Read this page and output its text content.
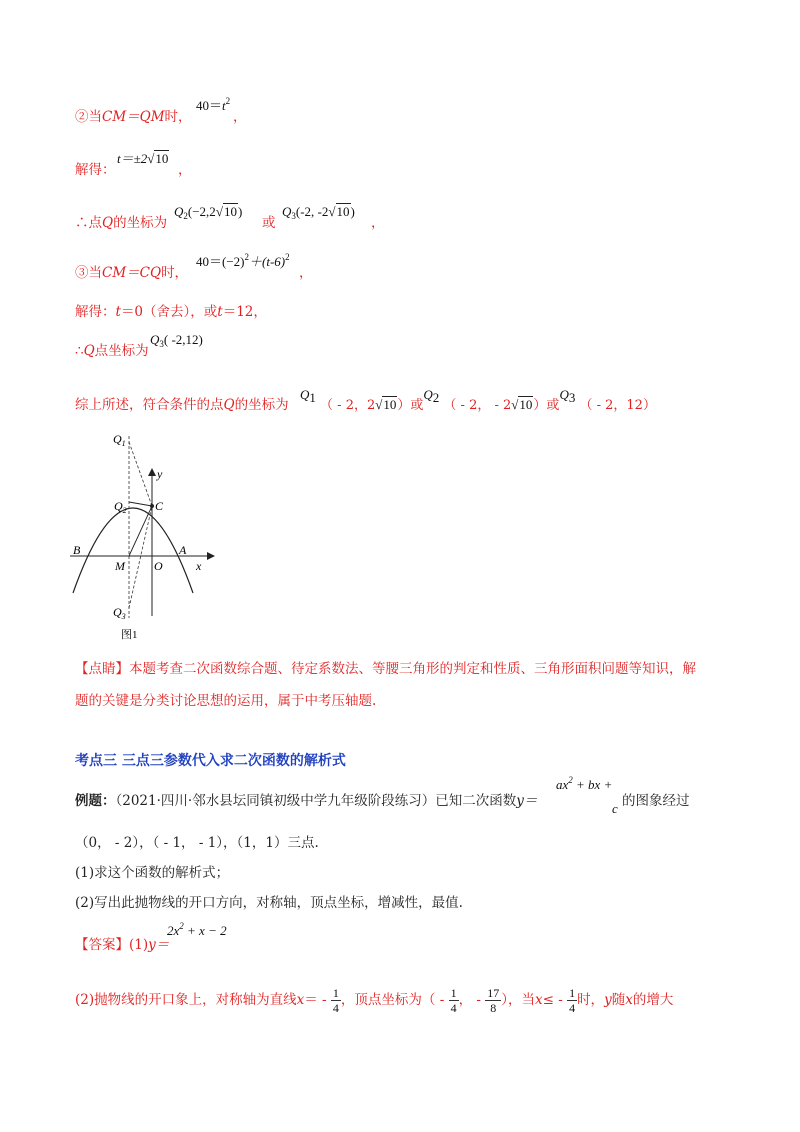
②当CM＝QM时，
$40=t^2$
，
解得：
t＝±2√10
，
∴点Q的坐标为
$Q_2(-2,2√10)$
或
$Q_3(-2$, -2√10)
，
③当CM＝CQ时，
$40=(-2)^2+(t-6)^2$
，
解得：t＝0（舍去），或t＝12，
∴Q点坐标为
$Q_3$( -2,12)
综上所述，符合条件的点Q的坐标为
$Q_1$ （ - 2，2√10）或$Q_2$ （ - 2， - 2√10）或$Q_3$ （ - 2，12）
$Q_1$
$Q_2$
$Q_3$
C
y
x
B	A
M O
图1
【点睛】本题考查二次函数综合题、待定系数法、等腰三角形的判定和性质、三角形面积问题等知识，解
题的关键是分类讨论思想的运用，属于中考压轴题.
考点三 三点三参数代入求二次函数的解析式
例题：（2021·四川·邻水县坛同镇初级中学九年级阶段练习）已知二次函数y＝
$ax^2$ + bx +
c 的图象经过
（0， - 2），（ - 1， - 1），（1，1）三点.
(1)求这个函数的解析式；
(2)写出此抛物线的开口方向，对称轴，顶点坐标，增减性，最值.
【答案】(1)y＝
$2x^2 + x - 2$
(2)抛物线的开口象上，对称轴为直线$x= - \frac{1}{4}$ ，顶点坐标为（ - $\frac{1}{4}$ ， - $\frac{17}{8}$ ），当$x\le - \frac{1}{4}$ 时，y随x的增大
